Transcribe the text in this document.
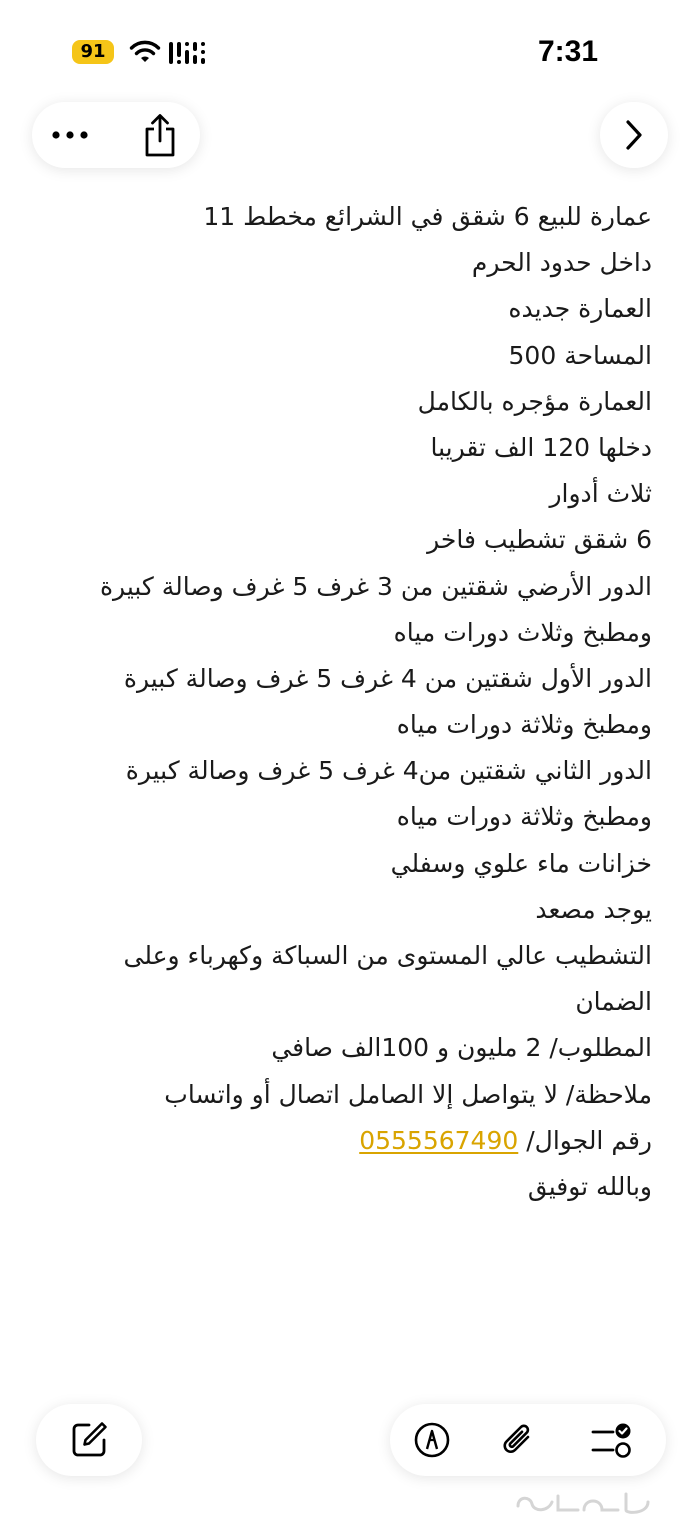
91	7:31
عمارة للبيع 6 شقق في الشرائع مخطط 11
داخل حدود الحرم
العمارة جديده
المساحة 500
العمارة مؤجره بالكامل
دخلها 120 الف تقريبا
ثلاث أدوار
6 شقق تشطيب فاخر
الدور الأرضي شقتين من 3 غرف 5 غرف وصالة كبيرة
ومطبخ وثلاث دورات مياه
الدور الأول شقتين من 4 غرف 5 غرف وصالة كبيرة
ومطبخ وثلاثة دورات مياه
الدور الثاني شقتين من4 غرف 5 غرف وصالة كبيرة
ومطبخ وثلاثة دورات مياه
خزانات ماء علوي وسفلي
يوجد مصعد
التشطيب عالي المستوى من السباكة وكهرباء وعلى
الضمان
المطلوب/ 2 مليون و 100الف صافي
ملاحظة/ لا يتواصل إلا الصامل اتصال أو واتساب
رقم الجوال/ 0555567490
وبالله توفيق
